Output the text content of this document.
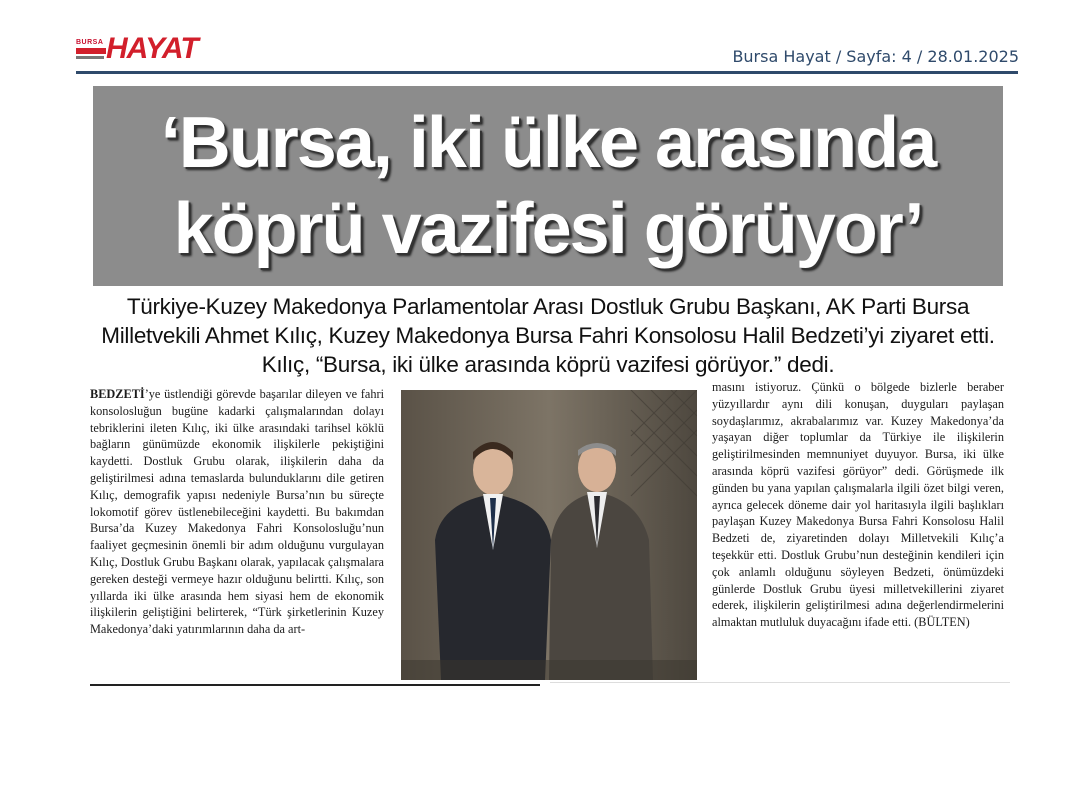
BURSA HAYAT	Bursa Hayat / Sayfa: 4 / 28.01.2025
‘Bursa, iki ülke arasında
köprü vazifesi görüyor’
Türkiye-Kuzey Makedonya Parlamentolar Arası Dostluk Grubu Başkanı, AK Parti Bursa Milletvekili Ahmet Kılıç, Kuzey Makedonya Bursa Fahri Konsolosu Halil Bedzeti’yi ziyaret etti. Kılıç, “Bursa, iki ülke arasında köprü vazifesi görüyor.” dedi.
BEDZETİ’ye üstlendiği görevde başarılar dileyen ve fahri konsolosluğun bugüne kadarki çalışmalarından dolayı tebriklerini ileten Kılıç, iki ülke arasındaki tarihsel köklü bağların günümüzde ekonomik ilişkilerle pekiştiğini kaydetti. Dostluk Grubu olarak, ilişkilerin daha da geliştirilmesi adına temaslarda bulunduklarını dile getiren Kılıç, demografik yapısı nedeniyle Bursa’nın bu süreçte lokomotif görev üstlenebileceğini kaydetti. Bu bakımdan Bursa’da Kuzey Makedonya Fahri Konsolosluğu’nun faaliyet geçmesinin önemli bir adım olduğunu vurgulayan Kılıç, Dostluk Grubu Başkanı olarak, yapılacak çalışmalara gereken desteği vermeye hazır olduğunu belirtti. Kılıç, son yıllarda iki ülke arasında hem siyasi hem de ekonomik ilişkilerin geliştiğini belirterek, “Türk şirketlerinin Kuzey Makedonya’daki yatırımlarının daha da art-
masını istiyoruz. Çünkü o bölgede bizlerle beraber yüzyıllardır aynı dili konuşan, duyguları paylaşan soydaşlarımız, akrabalarımız var. Kuzey Makedonya’da yaşayan diğer toplumlar da Türkiye ile ilişkilerin geliştirilmesinden memnuniyet duyuyor. Bursa, iki ülke arasında köprü vazifesi görüyor” dedi. Görüşmede ilk günden bu yana yapılan çalışmalarla ilgili özet bilgi veren, ayrıca gelecek döneme dair yol haritasıyla ilgili başlıkları paylaşan Kuzey Makedonya Bursa Fahri Konsolosu Halil Bedzeti de, ziyaretinden dolayı Milletvekili Kılıç’a teşekkür etti. Dostluk Grubu’nun desteğinin kendileri için çok anlamlı olduğunu söyleyen Bedzeti, önümüzdeki günlerde Dostluk Grubu üyesi milletvekillerini ziyaret ederek, ilişkilerin geliştirilmesi adına değerlendirmelerini almaktan mutluluk duyacağını ifade etti. (BÜLTEN)
